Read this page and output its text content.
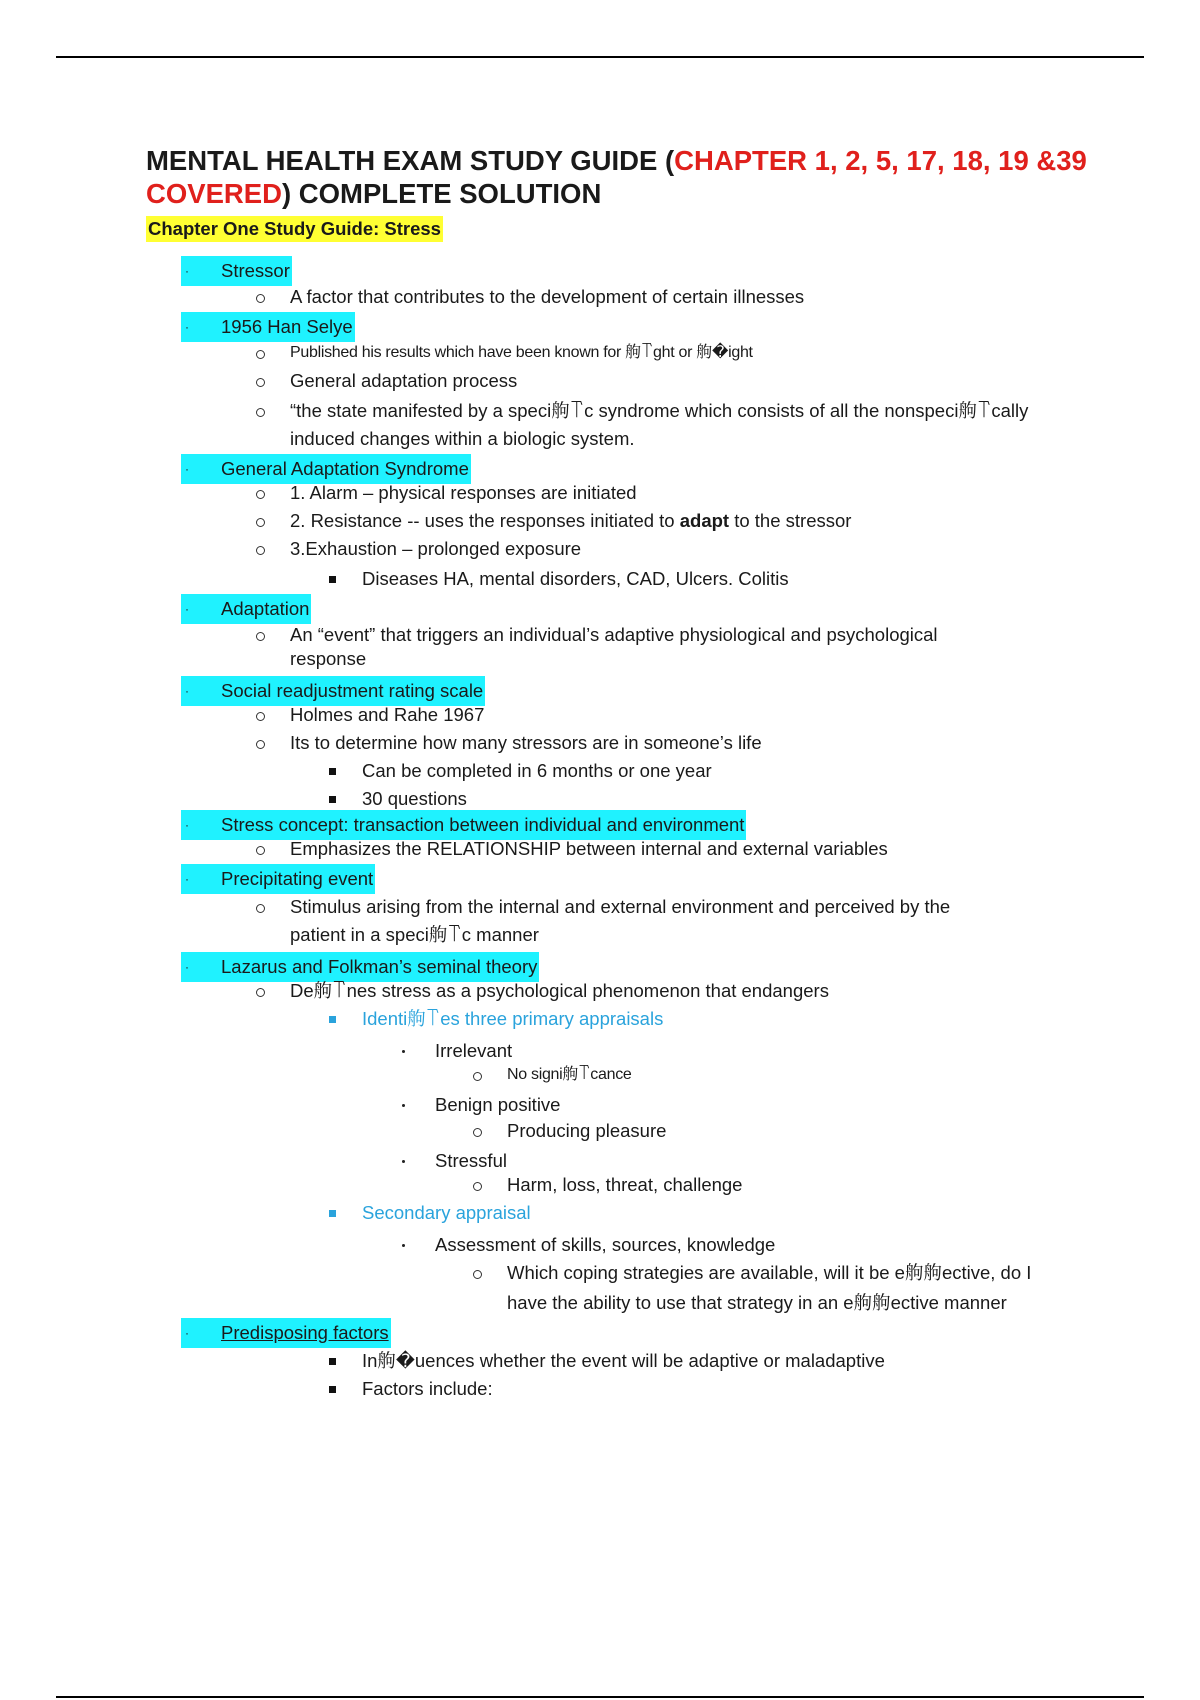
MENTAL HEALTH EXAM STUDY GUIDE (CHAPTER 1, 2, 5, 17, 18, 19 &39 COVERED) COMPLETE SOLUTION
Chapter One Study Guide: Stress
· Stressor
A factor that contributes to the development of certain illnesses
· 1956 Han Selye
Published his results which have been known for 䑦꓅ght or 䑦�ight
General adaptation process
“the state manifested by a speci䑦꓅c syndrome which consists of all the nonspeci䑦꓅cally
induced changes within a biologic system.
· General Adaptation Syndrome
1. Alarm – physical responses are initiated
2. Resistance -- uses the responses initiated to adapt to the stressor
3.Exhaustion – prolonged exposure
Diseases HA, mental disorders, CAD, Ulcers. Colitis
· Adaptation
An “event” that triggers an individual’s adaptive physiological and psychological
response
· Social readjustment rating scale
Holmes and Rahe 1967
Its to determine how many stressors are in someone’s life
Can be completed in 6 months or one year
30 questions
· Stress concept: transaction between individual and environment
Emphasizes the RELATIONSHIP between internal and external variables
· Precipitating event
Stimulus arising from the internal and external environment and perceived by the
patient in a speci䑦꓅c manner
· Lazarus and Folkman’s seminal theory
De䑦꓅nes stress as a psychological phenomenon that endangers
Identi䑦꓅es three primary appraisals
Irrelevant
No signi䑦꓅cance
Benign positive
Producing pleasure
Stressful
Harm, loss, threat, challenge
Secondary appraisal
Assessment of skills, sources, knowledge
Which coping strategies are available, will it be e䑦䑦ective, do I
have the ability to use that strategy in an e䑦䑦ective manner
· Predisposing factors
In䑦�uences whether the event will be adaptive or maladaptive
Factors include:
